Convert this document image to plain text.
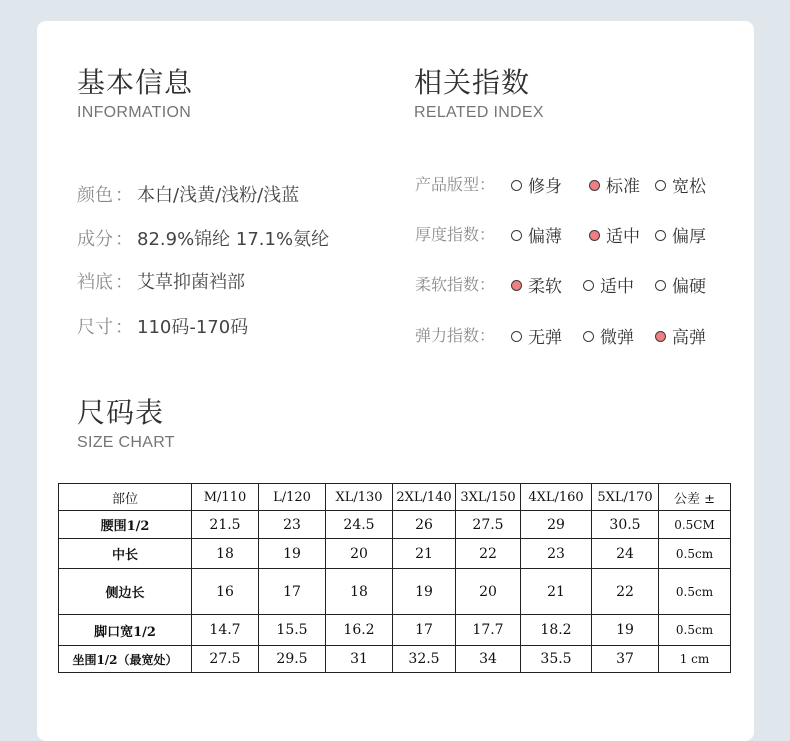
基本信息
INFORMATION
颜色 ： 本白/浅黄/浅粉/浅蓝
成分 ： 82.9%锦纶 17.1%氨纶
裆底 ： 艾草抑菌裆部
尺寸 ： 110码-170码
相关指数
RELATED INDEX
产品版型：	修身	标准	宽松
厚度指数：	偏薄	适中	偏厚
柔软指数：	柔软	适中	偏硬
弹力指数：	无弹	微弹	高弹
尺码表
SIZE CHART
部位	M/110	L/120	XL/130	2XL/140	3XL/150	4XL/160	5XL/170	公差 ±
腰围1/2	21.5	23	24.5	26	27.5	29	30.5	0.5CM
中长	18	19	20	21	22	23	24	0.5cm
侧边长	16	17	18	19	20	21	22	0.5cm
脚口宽1/2	14.7	15.5	16.2	17	17.7	18.2	19	0.5cm
坐围1/2（最宽处）	27.5	29.5	31	32.5	34	35.5	37	1 cm
